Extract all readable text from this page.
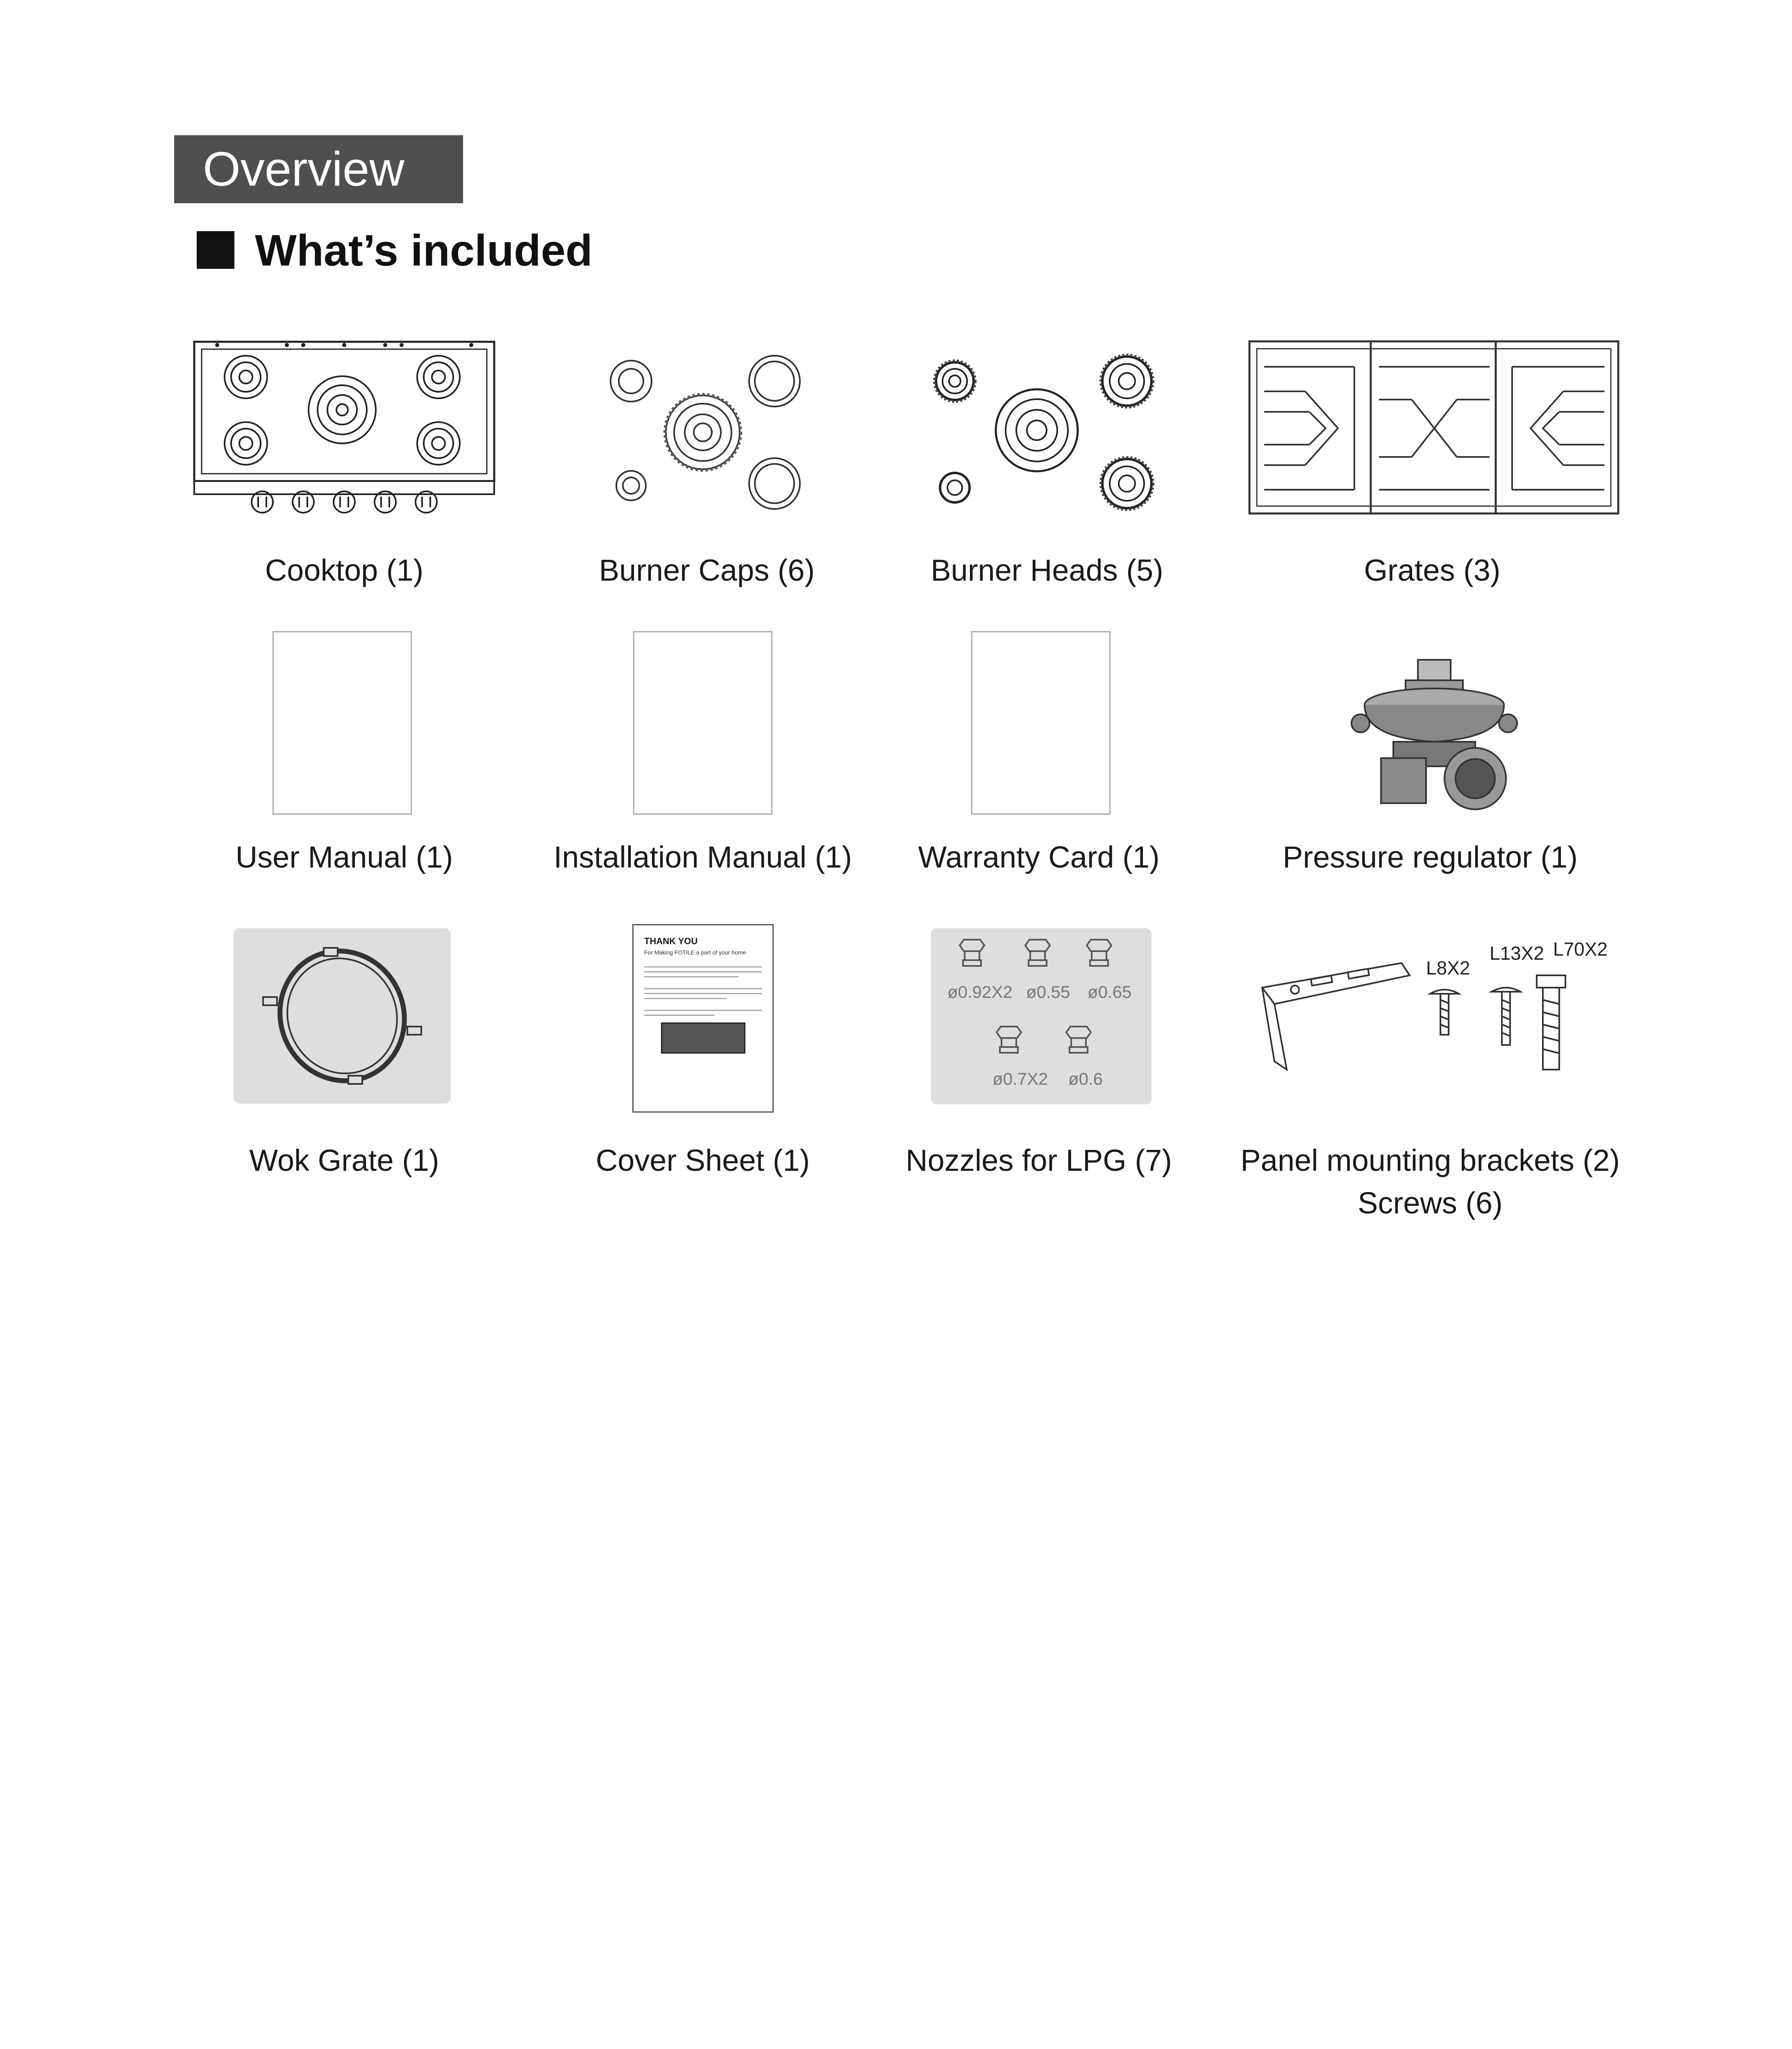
Overview
What’s included
Cooktop (1)	Burner Caps (6)	Burner Heads (5)	Grates (3)
User Manual (1)	Installation Manual (1)	Warranty Card (1)	Pressure regulator (1)
THANK YOU
For Making FOTILE a part of your home
ø0.92X2 ø0.55 ø0.65
ø0.7X2 ø0.6
L8X2
L13X2 L70X2
Wok Grate (1)	Cover Sheet (1)	Nozzles for LPG (7)	Panel mounting brackets (2)
Screws (6)
